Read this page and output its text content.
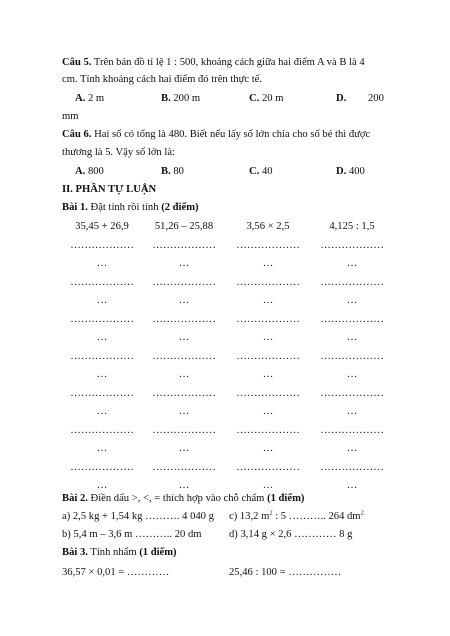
Câu 5. Trên bản đồ tỉ lệ 1 : 500, khoảng cách giữa hai điểm A và B là 4
cm. Tính khoảng cách hai điểm đó trên thực tế.
A. 2 m	B. 200 m	C. 20 m	D. 200
mm
Câu 6. Hai số có tổng là 480. Biết nếu lấy số lớn chia cho số bé thì được
thương là 5. Vậy số lớn là:
A. 800	B. 80	C. 40	D. 400
II. PHẦN TỰ LUẬN
Bài 1. Đặt tính rồi tính (2 điểm)
35,45 + 26,9	51,26 – 25,88	3,56 × 2,5	4,125 : 1,5
………………	………………	………………	………………
…	…	…	…
………………	………………	………………	………………
…	…	…	…
………………	………………	………………	………………
…	…	…	…
………………	………………	………………	………………
…	…	…	…
………………	………………	………………	………………
…	…	…	…
………………	………………	………………	………………
…	…	…	…
………………	………………	………………	………………
…	…	…	…
Bài 2. Điền dấu >, <, = thích hợp vào chỗ chấm (1 điểm)
a) 2,5 kg + 1,54 kg ………. 4 040 g c) 13,2 $m^2$ : 5 ……….. 264 $dm^2$
b) 5,4 m – 3,6 m ……….. 20 dm	d) 3,14 g × 2,6 ………… 8 g
Bài 3. Tính nhẩm (1 điểm)
36,57 × 0,01 = …………	25,46 : 100 = ……………
